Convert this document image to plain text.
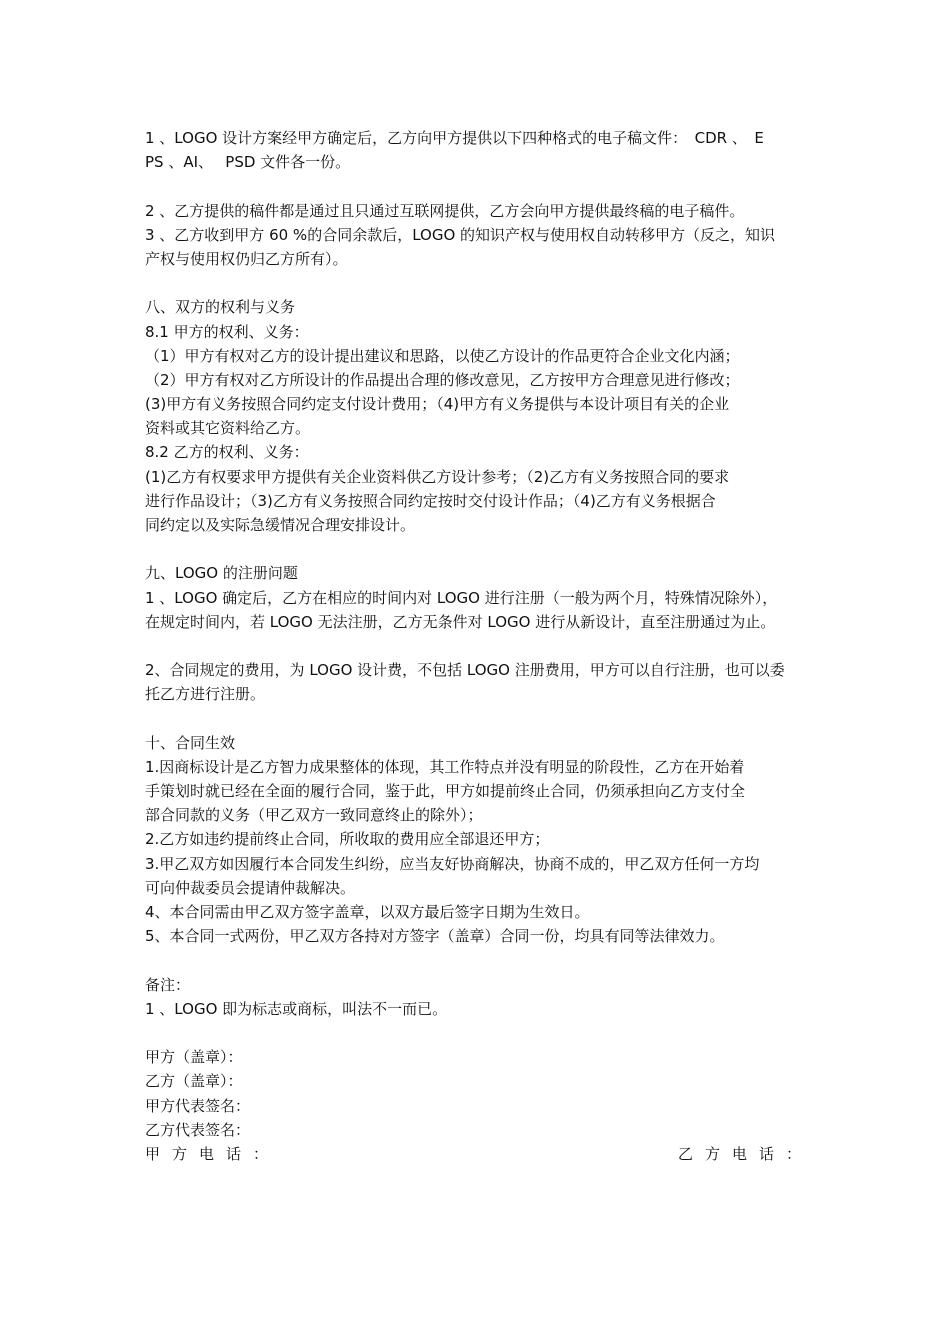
1 、LOGO 设计方案经甲方确定后，乙方向甲方提供以下四种格式的电子稿文件：　CDR 、　E
PS 、AI、　 PSD 文件各一份。
2 、乙方提供的稿件都是通过且只通过互联网提供，乙方会向甲方提供最终稿的电子稿件。
3 、乙方收到甲方 60 %的合同余款后，LOGO 的知识产权与使用权自动转移甲方（反之，知识
产权与使用权仍归乙方所有）。
八、双方的权利与义务
8.1 甲方的权利、义务：
（1）甲方有权对乙方的设计提出建议和思路，以使乙方设计的作品更符合企业文化内涵；
（2）甲方有权对乙方所设计的作品提出合理的修改意见，乙方按甲方合理意见进行修改；
(3)甲方有义务按照合同约定支付设计费用；（4)甲方有义务提供与本设计项目有关的企业
资料或其它资料给乙方。
8.2 乙方的权利、义务：
(1)乙方有权要求甲方提供有关企业资料供乙方设计参考；（2)乙方有义务按照合同的要求
进行作品设计；（3)乙方有义务按照合同约定按时交付设计作品；（4)乙方有义务根据合
同约定以及实际急缓情况合理安排设计。
九、LOGO 的注册问题
1 、LOGO 确定后，乙方在相应的时间内对 LOGO 进行注册（一般为两个月，特殊情况除外），
在规定时间内，若 LOGO 无法注册，乙方无条件对 LOGO 进行从新设计，直至注册通过为止。
2、合同规定的费用，为 LOGO 设计费，不包括 LOGO 注册费用，甲方可以自行注册，也可以委
托乙方进行注册。
十、合同生效
1.因商标设计是乙方智力成果整体的体现，其工作特点并没有明显的阶段性，乙方在开始着
手策划时就已经在全面的履行合同，鉴于此，甲方如提前终止合同，仍须承担向乙方支付全
部合同款的义务（甲乙双方一致同意终止的除外）；
2.乙方如违约提前终止合同，所收取的费用应全部退还甲方；
3.甲乙双方如因履行本合同发生纠纷，应当友好协商解决，协商不成的，甲乙双方任何一方均
可向仲裁委员会提请仲裁解决。
4、本合同需由甲乙双方签字盖章，以双方最后签字日期为生效日。
5、本合同一式两份，甲乙双方各持对方签字（盖章）合同一份，均具有同等法律效力。
备注：
1 、LOGO 即为标志或商标，叫法不一而已。
甲方（盖章）：
乙方（盖章）：
甲方代表签名：
乙方代表签名：
甲方电话：	乙方电话：
